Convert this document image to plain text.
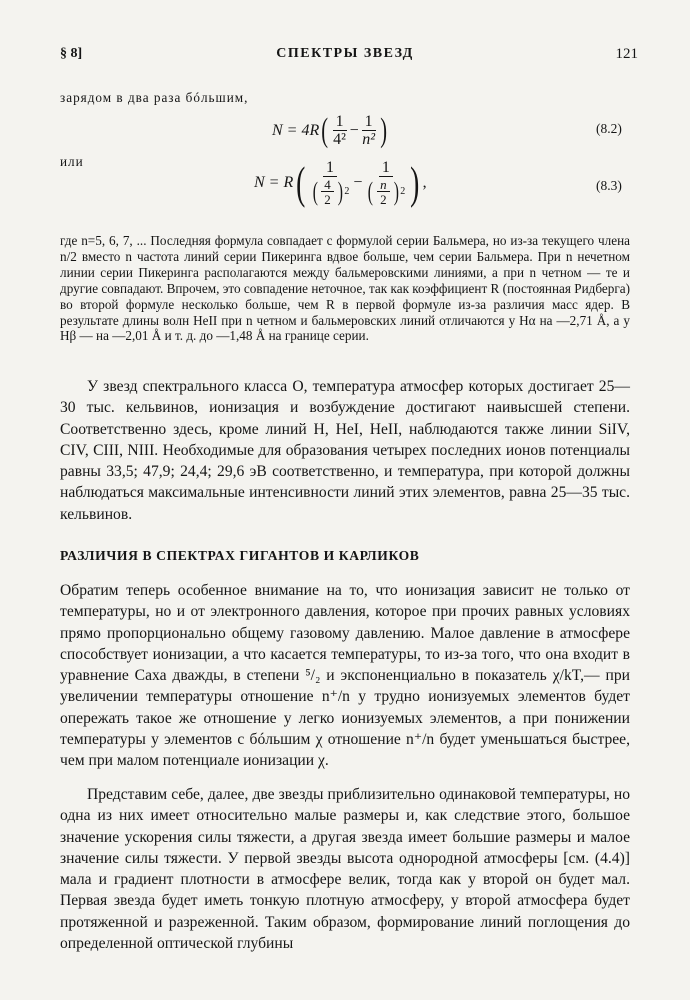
СПЕКТРЫ ЗВЕЗД
§ 8]	121
зарядом в два раза бóльшим,
N = 4R ( $\frac{1}{\text{4²}} - \frac{1}{\text{n²}}$ )	(8.2)
или
N = R ( $\frac{1}{( \frac{4}{2} ) 2} - \frac{1}{( \frac{n}{2} ) 2}$ ) ,	(8.3)
где n=5, 6, 7, ... Последняя формула совпадает с формулой серии Бальмера, но из-за текущего члена n/2 вместо n частота линий серии Пикеринга вдвое больше, чем серии Бальмера. При n нечетном линии серии Пикеринга располагаются между бальмеровскими линиями, а при n четном — те и другие совпадают. Впрочем, это совпадение неточное, так как коэффициент R (постоянная Ридберга) во второй формуле несколько больше, чем R в первой формуле из-за различия масс ядер. В результате длины волн HeII при n четном и бальмеровских линий отличаются у Hα на —2,71 Å, а у Hβ — на —2,01 Å и т. д. до —1,48 Å на границе серии.
У звезд спектрального класса O, температура атмосфер которых достигает 25—30 тыс. кельвинов, ионизация и возбуждение достигают наивысшей степени. Соответственно здесь, кроме линий H, HeI, HeII, наблюдаются также линии SiIV, CIV, CIII, NIII. Необходимые для образования четырех последних ионов потенциалы равны 33,5; 47,9; 24,4; 29,6 эВ соответственно, и температура, при которой должны наблюдаться максимальные интенсивности линий этих элементов, равна 25—35 тыс. кельвинов.
РАЗЛИЧИЯ В СПЕКТРАХ ГИГАНТОВ И КАРЛИКОВ
Обратим теперь особенное внимание на то, что ионизация зависит не только от температуры, но и от электронного давления, которое при прочих равных условиях прямо пропорционально общему газовому давлению. Малое давление в атмосфере способствует ионизации, а что касается температуры, то из-за того, что она входит в уравнение Саха дважды, в степени ⁵/₂ и экспоненциально в показатель χ/kT,— при увеличении температуры отношение n⁺/n у трудно ионизуемых элементов будет опережать такое же отношение у легко ионизуемых элементов, а при понижении температуры у элементов с бóльшим χ отношение n⁺/n будет уменьшаться быстрее, чем при малом потенциале ионизации χ.
Представим себе, далее, две звезды приблизительно одинаковой температуры, но одна из них имеет относительно малые размеры и, как следствие этого, большое значение ускорения силы тяжести, а другая звезда имеет большие размеры и малое значение силы тяжести. У первой звезды высота однородной атмосферы [см. (4.4)] мала и градиент плотности в атмосфере велик, тогда как у второй он будет мал. Первая звезда будет иметь тонкую плотную атмосферу, у второй атмосфера будет протяженной и разреженной. Таким образом, формирование линий поглощения до определенной оптической глубины
